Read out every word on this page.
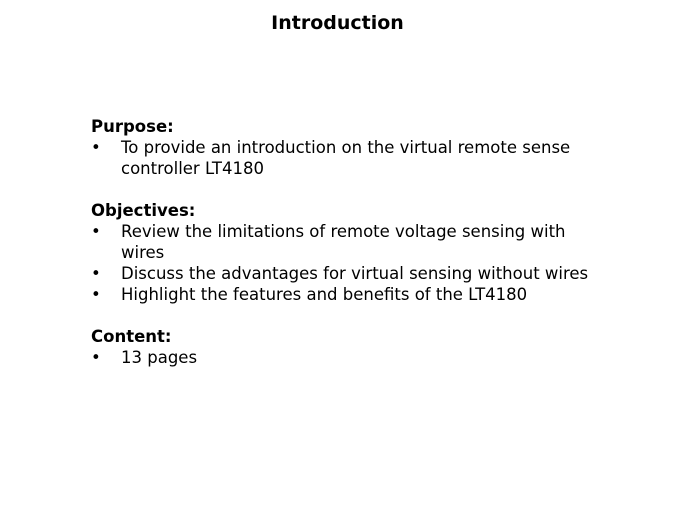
Introduction

Purpose:

• To provide an introduction on the virtual remote sense controller LT4180

Objectives:

• Review the limitations of remote voltage sensing with wires
• Discuss the advantages for virtual sensing without wires
• Highlight the features and benefits of the LT4180

Content:

• 13 pages
